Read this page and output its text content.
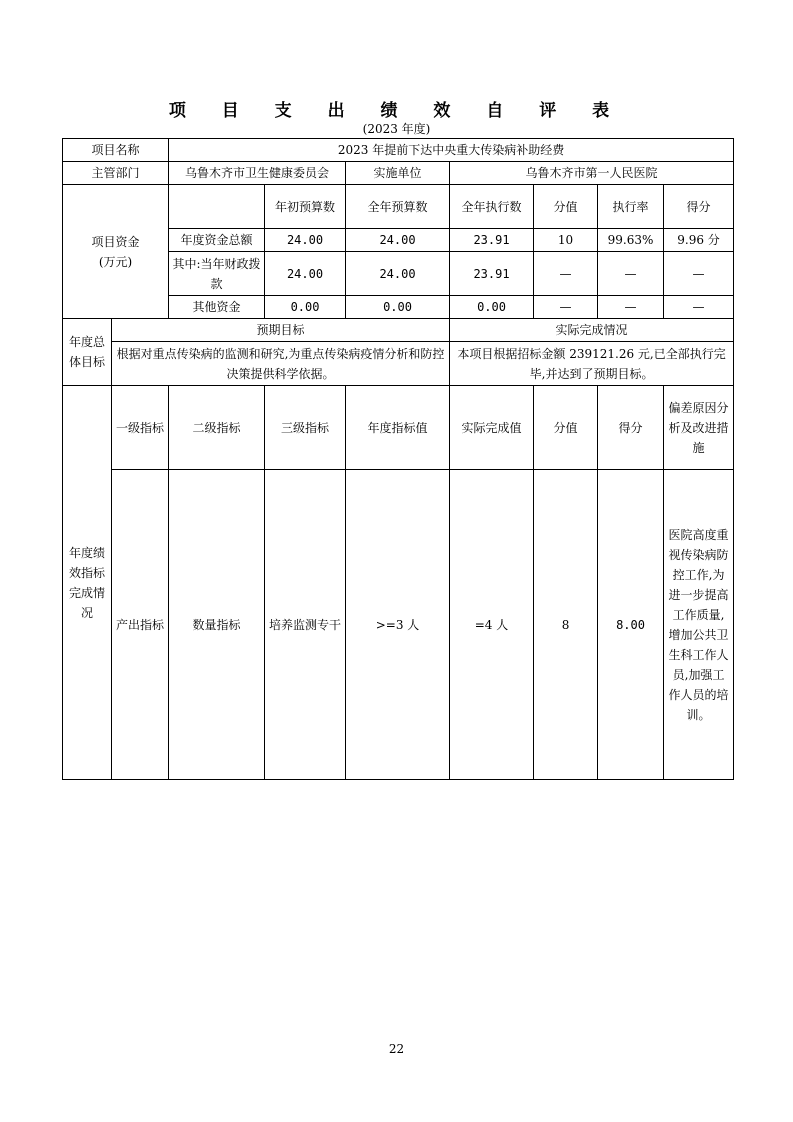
项 目 支 出 绩 效 自 评 表
(2023 年度)
项目名称		2023 年提前下达中央重大传染病补助经费						
主管部门		乌鲁木齐市卫生健康委员会		实施单位	乌鲁木齐市第一人民医院			
项目资金
(万元)			年初预算数	全年预算数	全年执行数	分值	执行率	得分
		年度资金总额	24.00	24.00	23.91	10	99.63%	9.96 分
		其中:当年财政拨款	24.00	24.00	23.91	—	—	—
		其他资金	0.00	0.00	0.00	—	—	—
年度总体目标	预期目标				实际完成情况			
	根据对重点传染病的监测和研究,为重点传染病疫情分析和防控决策提供科学依据。				本项目根据招标金额 239121.26 元,已全部执行完毕,并达到了预期目标。			
年度绩效指标完成情况	一级指标	二级指标	三级指标	年度指标值	实际完成值	分值	得分	偏差原因分析及改进措施
	产出指标	数量指标	培养监测专干	>=3 人	=4 人	8	8.00	医院高度重视传染病防控工作,为进一步提高工作质量,增加公共卫生科工作人员,加强工作人员的培训。
22
